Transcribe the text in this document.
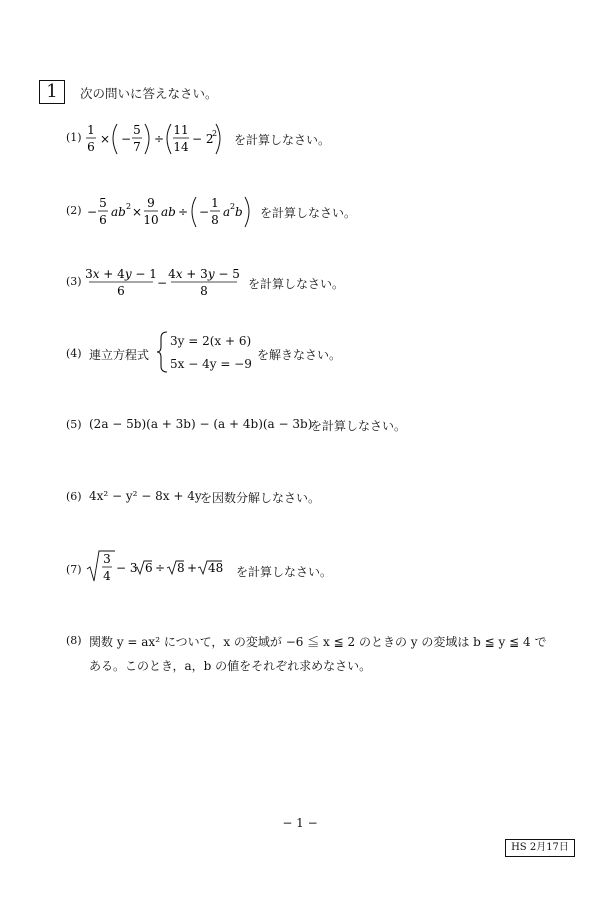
1	次の問いに答えなさい。
(1)
1
6
× −
5
7
÷
11
14
− 2
2 を計算しなさい。
(2) −
5
6
ab 2 ×
9
10
ab ÷ −
1
8
a 2 b を計算しなさい。
(3)
3x + 4y − 1
6
−
4x + 3y − 5
8	を計算しなさい。
(4) 連立方程式
3y = 2(x + 6)
5x − 4y = −9
を解きなさい。
(5) (2a − 5b)(a + 3b) − (a + 4b)(a − 3b)
を計算しなさい。
(6) 4x² − y² − 8x + 4y
を因数分解しなさい。
(7)
3
4
− 3 6 ÷ 8 + 48 を計算しなさい。
(8) 関数 y = ax² について，x の変域が −6 ≦ x ≦ 2 のときの y の変域は b ≦ y ≦ 4 で
ある。このとき，a，b の値をそれぞれ求めなさい。
− 1 −
HS 2月17日
